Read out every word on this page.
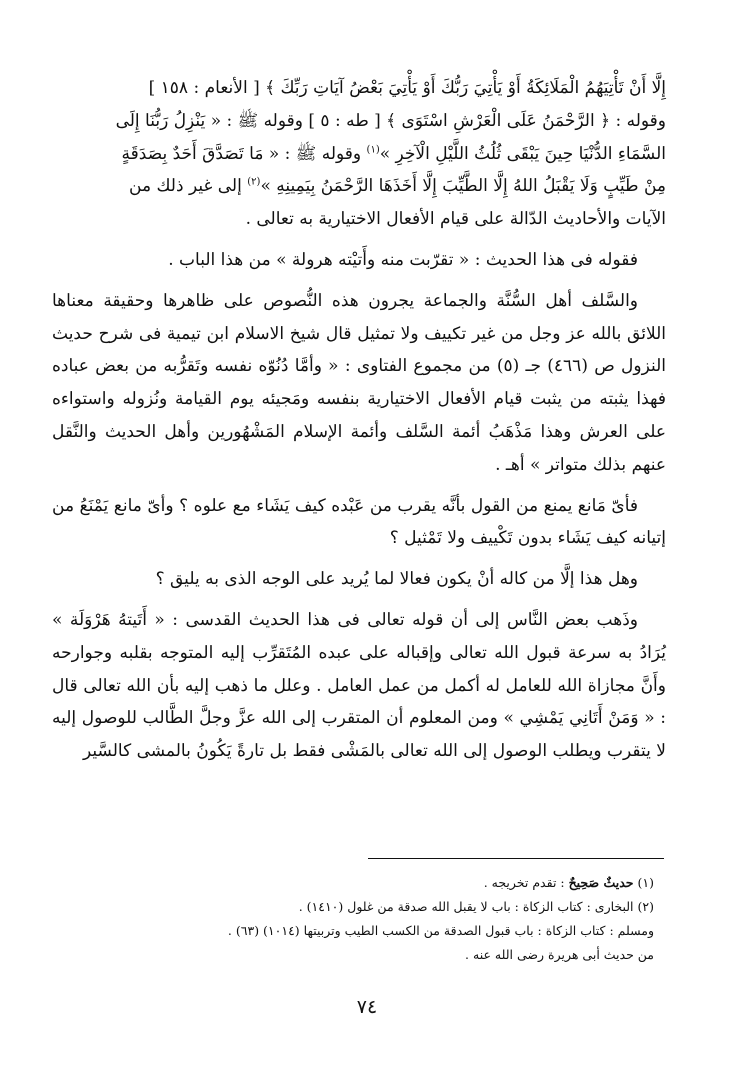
إِلَّا أَنْ تَأْتِيَهُمُ الْمَلَائِكَةُ أَوْ يَأْتِيَ رَبُّكَ أَوْ يَأْتِيَ بَعْضُ آيَاتِ رَبِّكَ ﴾ [ الأنعام : ١٥٨ ]

وقوله : ﴿ الرَّحْمَنُ عَلَى الْعَرْشِ اسْتَوَى ﴾ [ طه : ٥ ] وقوله ﷺ : « يَنْزِلُ رَبُّنَا إِلَى

السَّمَاءِ الدُّنْيَا حِينَ يَبْقَى ثُلُثُ اللَّيْلِ الْآخِرِ »$^{(١)}$ وقوله ﷺ : « مَا تَصَدَّقَ أَحَدٌ بِصَدَقَةٍ

مِنْ طَيِّبٍ وَلَا يَقْبَلُ اللهُ إِلَّا الطَّيِّبَ إِلَّا أَخَذَهَا الرَّحْمَنُ بِيَمِينِهِ »$^{(٢)}$ إلى غير ذلك من

الآيات والأحاديث الدّالة على قيام الأفعال الاختيارية به تعالى .

فقوله فى هذا الحديث : « تقرّبت منه وأَتيْته هرولة » من هذا الباب .

والسَّلف أهل السُّنَّة والجماعة يجرون هذه النُّصوص على ظاهرها وحقيقة معناها اللائق بالله عز وجل من غير تكييف ولا تمثيل قال شيخ الاسلام ابن تيمية فى شرح حديث النزول ص (٤٦٦) جـ (٥) من مجموع الفتاوى : « وأمَّا دُنُوّه نفسه وتَقرُّبه من بعض عباده فهذا يثبته من يثبت قيام الأفعال الاختيارية بنفسه ومَجيئه يوم القيامة ونُزوله واستواءه على العرش وهذا مَذْهَبُ أئمة السَّلف وأئمة الإسلام المَشْهُورين وأهل الحديث والنَّقل عنهم بذلك متواتر » أهـ .

فأىّ مَانع يمنع من القول بأنَّه يقرب من عَبْده كيف يَشَاء مع علوه ؟ وأىّ مانع يَمْنَعُ من إتيانه كيف يَشَاء بدون تَكْييف ولا تَمْثيل ؟

وهل هذا إلَّا من كاله أنْ يكون فعالا لما يُريد على الوجه الذى به يليق ؟

وذَهب بعض النَّاس إلى أن قوله تعالى فى هذا الحديث القدسى : « أَتَيتهُ هَرْوَلَة » يُرَادُ به سرعة قبول الله تعالى وإقباله على عبده المُتَقرِّب إليه المتوجه بقلبه وجوارحه وأَنَّ مجازاة الله للعامل له أكمل من عمل العامل . وعلل ما ذهب إليه بأن الله تعالى قال : « وَمَنْ أَتَانِي يَمْشِي » ومن المعلوم أن المتقرب إلى الله عزَّ وجلَّ الطَّالب للوصول إليه لا يتقرب ويطلب الوصول إلى الله تعالى بالمَشْى فقط بل تارةً يَكُونُ بالمشى كالسَّير

(١) حديثٌ صَحِيحٌ : تقدم تخريجه .
(٢) البخارى : كتاب الزكاة : باب لا يقبل الله صدقة من غلول (١٤١٠) .
ومسلم : كتاب الزكاة : باب قبول الصدقة من الكسب الطيب وتربيتها (١٠١٤) (٦٣) .
من حديث أبى هريرة رضى الله عنه .
٧٤
